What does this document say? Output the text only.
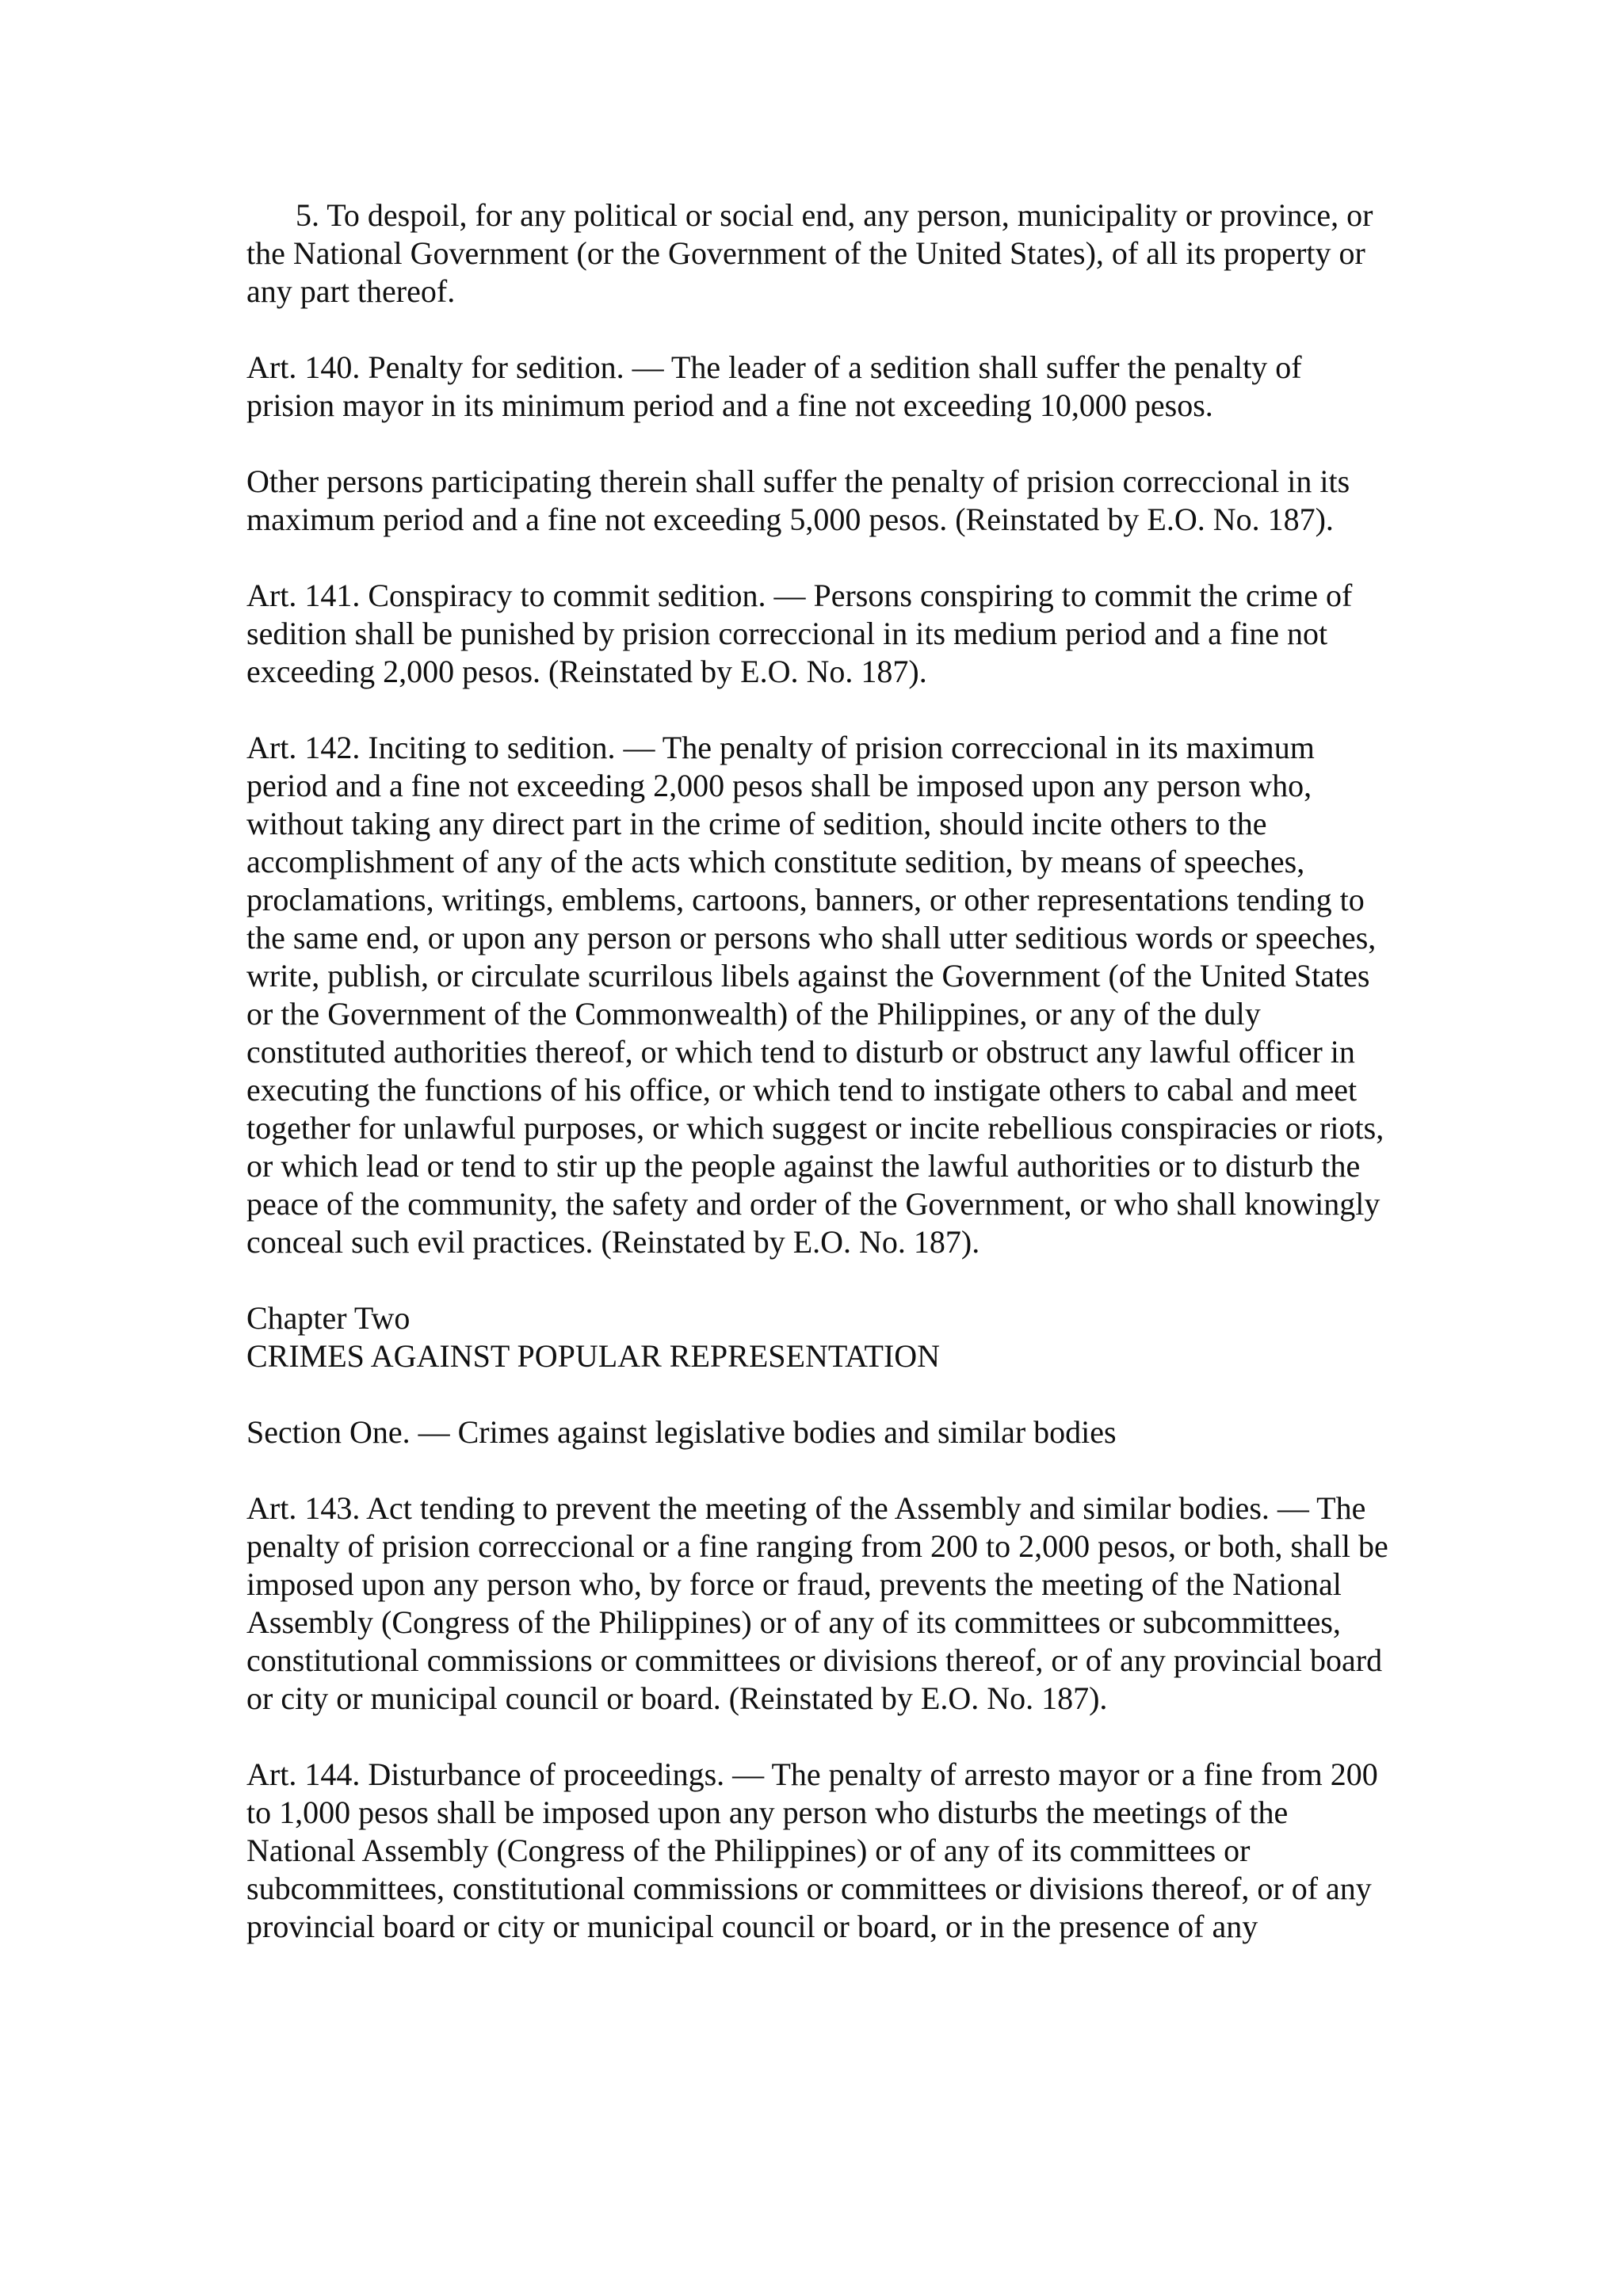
5. To despoil, for any political or social end, any person, municipality or province, or the National Government (or the Government of the United States), of all its property or any part thereof.

Art. 140. Penalty for sedition. — The leader of a sedition shall suffer the penalty of prision mayor in its minimum period and a fine not exceeding 10,000 pesos.

Other persons participating therein shall suffer the penalty of prision correccional in its maximum period and a fine not exceeding 5,000 pesos. (Reinstated by E.O. No. 187).

Art. 141. Conspiracy to commit sedition. — Persons conspiring to commit the crime of sedition shall be punished by prision correccional in its medium period and a fine not exceeding 2,000 pesos. (Reinstated by E.O. No. 187).

Art. 142. Inciting to sedition. — The penalty of prision correccional in its maximum period and a fine not exceeding 2,000 pesos shall be imposed upon any person who, without taking any direct part in the crime of sedition, should incite others to the accomplishment of any of the acts which constitute sedition, by means of speeches, proclamations, writings, emblems, cartoons, banners, or other representations tending to the same end, or upon any person or persons who shall utter seditious words or speeches, write, publish, or circulate scurrilous libels against the Government (of the United States or the Government of the Commonwealth) of the Philippines, or any of the duly constituted authorities thereof, or which tend to disturb or obstruct any lawful officer in executing the functions of his office, or which tend to instigate others to cabal and meet together for unlawful purposes, or which suggest or incite rebellious conspiracies or riots, or which lead or tend to stir up the people against the lawful authorities or to disturb the peace of the community, the safety and order of the Government, or who shall knowingly conceal such evil practices. (Reinstated by E.O. No. 187).

Chapter Two
CRIMES AGAINST POPULAR REPRESENTATION

Section One. — Crimes against legislative bodies and similar bodies

Art. 143. Act tending to prevent the meeting of the Assembly and similar bodies. — The penalty of prision correccional or a fine ranging from 200 to 2,000 pesos, or both, shall be imposed upon any person who, by force or fraud, prevents the meeting of the National Assembly (Congress of the Philippines) or of any of its committees or subcommittees, constitutional commissions or committees or divisions thereof, or of any provincial board or city or municipal council or board. (Reinstated by E.O. No. 187).

Art. 144. Disturbance of proceedings. — The penalty of arresto mayor or a fine from 200 to 1,000 pesos shall be imposed upon any person who disturbs the meetings of the National Assembly (Congress of the Philippines) or of any of its committees or subcommittees, constitutional commissions or committees or divisions thereof, or of any provincial board or city or municipal council or board, or in the presence of any
